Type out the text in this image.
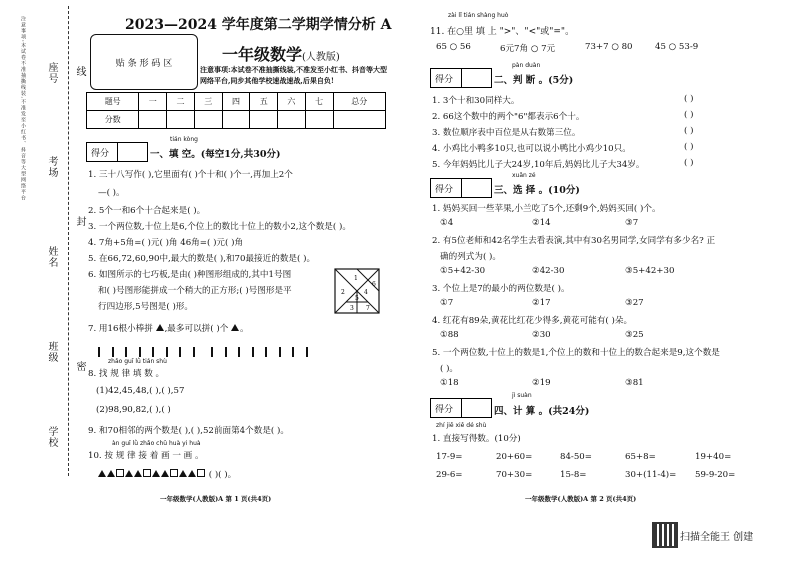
座号
考场
姓名
班级
学校
线
封
密
注意事项:本试卷不准抽撕线装,不准发至小红书、抖音等大型网络平台	2023—2024 学年度第二学期学情分析 A
贴 条 形 码 区	一年级数学(人教版)
注意事项:本试卷不准抽撕线装,不准发至小红书、抖音等大型网络平台,同步其他学校速战速战,后果自负!
题号	一	二	三	四	五	六	七	总分
分数								
得分
tián kòng
一、填 空。(每空1分,共30分)
1. 三十八写作( ),它里面有( )个十和( )个一,再加上2个
—( )。
2. 5个一和6个十合起来是( )。
3. 一个两位数,十位上是6,个位上的数比十位上的数小2,这个数是( )。
4. 7角+5角=( )元( )角 46角=( )元( )角
5. 在66,72,60,90中,最大的数是( ),和70最接近的数是( )。
6. 如图所示的七巧板,是由( )种图形组成的,其中1号图
和( )号图形能拼成一个稍大的正方形;( )号图形是平
行四边形,5号图是( )形。
1
2
3
4
5
6
7
7. 用16根小棒拼 ,最多可以拼( )个 。

zhǎo guī lǜ tián shù
8. 找 规 律 填 数 。
(1)42,45,48,( ),( ),57
(2)98,90,82,( ),( )
9. 和70相邻的两个数是( ),( ),52前面第4个数是( )。
àn guī lǜ zhǎo chū huà yi huà
10. 按 规 律 接 着 画 一 画 。
( )( )。
一年级数学(人教版)A 第 1 页(共4页)
zài lǐ tián shàng huò
11. 在○里 填 上 ">"、"<"或"="。
65 ○ 56	6元7角 ○ 7元	73+7 ○ 80	45 ○ 53-9
得分
pàn duàn
二、判 断 。(5分)
1. 3个十和30同样大。
2. 66这个数中的两个"6"都表示6个十。
3. 数位顺序表中百位是从右数第三位。
4. 小鸡比小鸭多10只,也可以说小鸭比小鸡少10只。
5. 今年妈妈比儿子大24岁,10年后,妈妈比儿子大34岁。
( )
( )
( )
( )
( )
得分
xuǎn zé
三、选 择 。(10分)
1. 妈妈买回一些苹果,小兰吃了5个,还剩9个,妈妈买回( )个。
①4	②14	③7
2. 有5位老师和42名学生去看表演,其中有30名男同学,女同学有多少名? 正
确的列式为( )。
①5+42-30	②42-30	③5+42+30
3. 个位上是7的最小的两位数是( )。
①7	②17	③27
4. 红花有89朵,黄花比红花少得多,黄花可能有( )朵。
①88	②30	③25
5. 一个两位数,十位上的数是1,个位上的数和十位上的数合起来是9,这个数是
( )。
①18	②19	③81
得分
jì suàn
四、计 算 。(共24分)
zhí jiē xiě dé shù
1. 直接写得数。(10分)
17-9=	20+60=	84-50=	65+8=	19+40=
29-6=	70+30=	15-8=	30+(11-4)= 59-9-20=
一年级数学(人教版)A 第 2 页(共4页)
扫描全能王 创建
